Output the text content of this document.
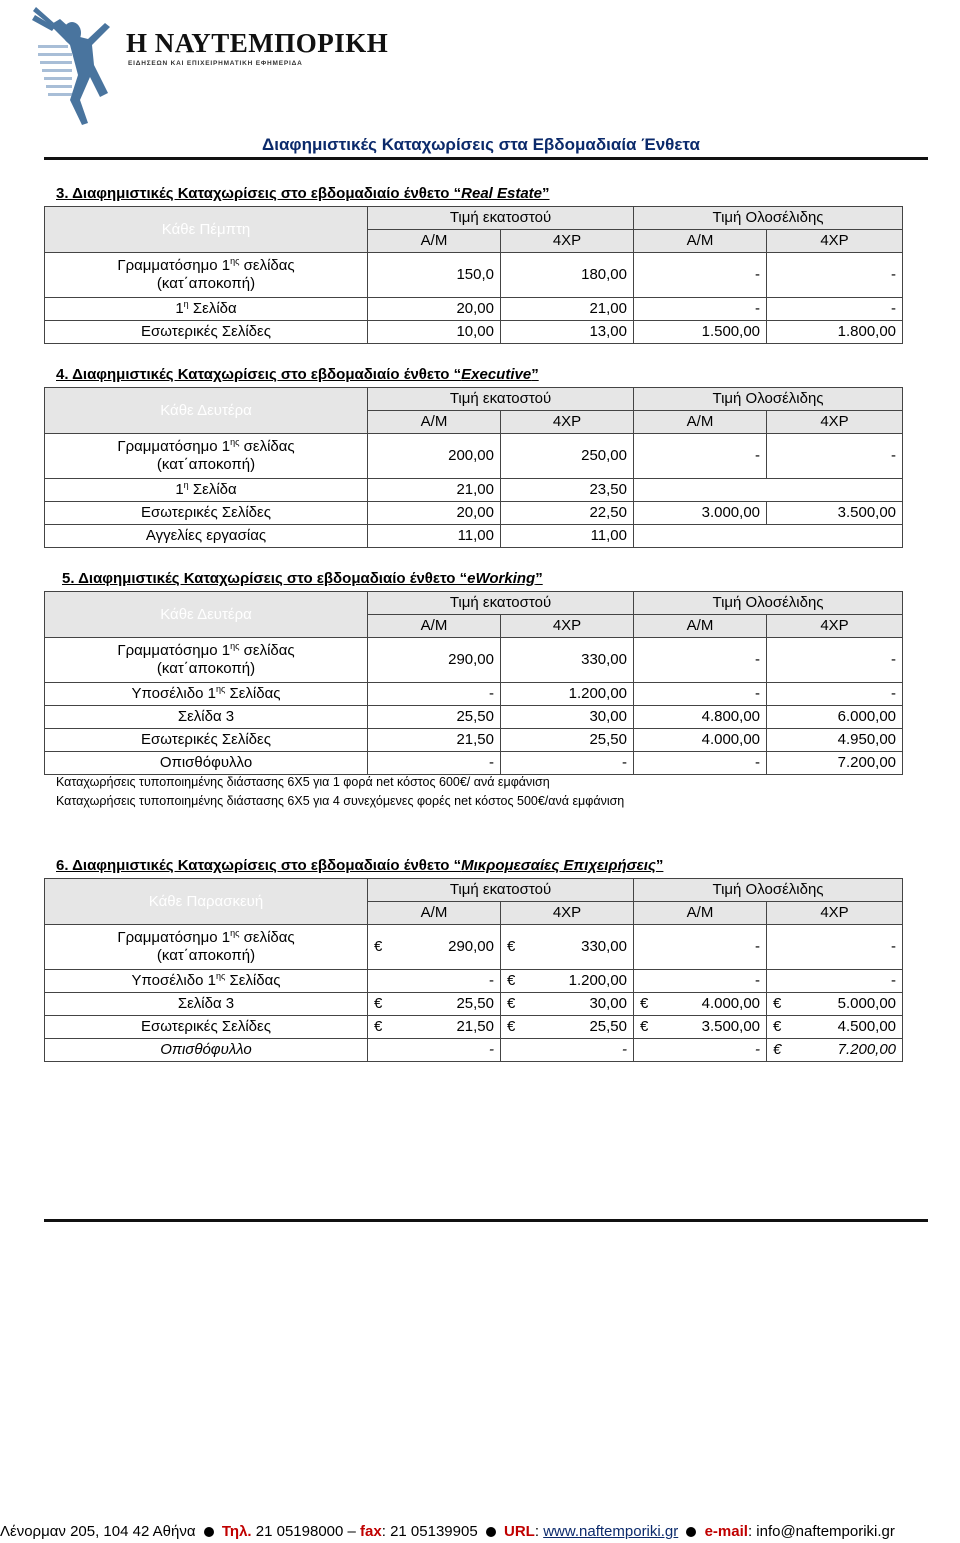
Η ΝΑΥΤΕΜΠΟΡΙΚΗ
ΕΙΔΗΣΕΩΝ ΚΑΙ ΕΠΙΧΕΙΡΗΜΑΤΙΚΗ ΕΦΗΜΕΡΙΔΑ
Διαφημιστικές Καταχωρίσεις στα Εβδομαδιαία Ένθετα
3. Διαφημιστικές Καταχωρίσεις στο εβδομαδιαίο ένθετο “Real Estate”
Κάθε Πέμπτη	Τιμή εκατοστού		Τιμή Ολοσέλιδης	
	Α/Μ	4ΧΡ	Α/Μ	4ΧΡ
Γραμματόσημο $1^{\eta\varsigma}$ σελίδας
(κατ΄αποκοπή)	150,0	180,00	-	-
$1^\eta$ Σελίδα	20,00	21,00	-	-
Εσωτερικές Σελίδες	10,00	13,00	1.500,00	1.800,00
4. Διαφημιστικές Καταχωρίσεις στο εβδομαδιαίο ένθετο “Executive”
Κάθε Δευτέρα	Τιμή εκατοστού		Τιμή Ολοσέλιδης	
	Α/Μ	4ΧΡ	Α/Μ	4ΧΡ
Γραμματόσημο $1^{\eta\varsigma}$ σελίδας
(κατ΄αποκοπή)	200,00	250,00	-	-
$1^\eta$ Σελίδα	21,00	23,50		
Εσωτερικές Σελίδες	20,00	22,50	3.000,00	3.500,00
Αγγελίες εργασίας	11,00	11,00		
5. Διαφημιστικές Καταχωρίσεις στο εβδομαδιαίο ένθετο “eWorking”
Κάθε Δευτέρα	Τιμή εκατοστού		Τιμή Ολοσέλιδης	
	Α/Μ	4ΧΡ	Α/Μ	4ΧΡ
Γραμματόσημο $1^{\eta\varsigma}$ σελίδας
(κατ΄αποκοπή)	290,00	330,00	-	-
Υποσέλιδο $1^{\eta\varsigma}$ Σελίδας	-	1.200,00	-	-
Σελίδα 3	25,50	30,00	4.800,00	6.000,00
Εσωτερικές Σελίδες	21,50	25,50	4.000,00	4.950,00
Οπισθόφυλλο	-	-	-	7.200,00
Καταχωρήσεις τυποποιημένης διάστασης 6Χ5 για 1 φορά net κόστος 600€/ ανά εμφάνιση
Καταχωρήσεις τυποποιημένης διάστασης 6Χ5 για 4 συνεχόμενες φορές net κόστος 500€/ανά εμφάνιση
6. Διαφημιστικές Καταχωρίσεις στο εβδομαδιαίο ένθετο “Μικρομεσαίες Επιχειρήσεις”
Κάθε Παρασκευή	Τιμή εκατοστού		Τιμή Ολοσέλιδης	
	Α/Μ	4ΧΡ	Α/Μ	4ΧΡ
Γραμματόσημο $1^{\eta\varsigma}$ σελίδας
(κατ΄αποκοπή)	€ 290,00	€ 330,00	-	-
Υποσέλιδο $1^{\eta\varsigma}$ Σελίδας	-	€ 1.200,00	-	-
Σελίδα 3	€ 25,50	€ 30,00	€ 4.000,00	€ 5.000,00
Εσωτερικές Σελίδες	€ 21,50	€ 25,50	€ 3.500,00	€ 4.500,00
Οπισθόφυλλο	-	-	-	€ 7.200,00
Λένορμαν 205, 104 42 Αθήνα Τηλ. 21 05198000 – fax: 21 05139905 URL: www.naftemporiki.gr e-mail: info@naftemporiki.gr
